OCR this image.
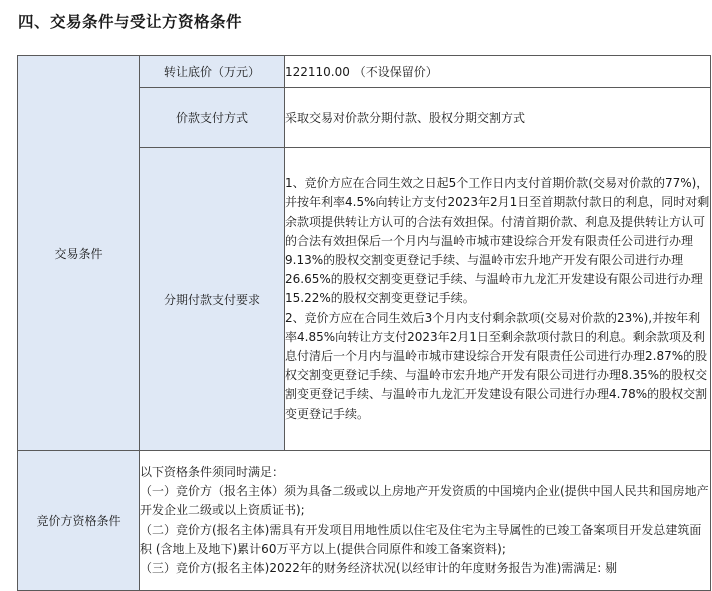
四、交易条件与受让方资格条件
交易条件	转让底价（万元）	122110.00 （不设保留价）
	价款支付方式	采取交易对价款分期付款、股权分期交割方式
	分期付款支付要求	1、竞价方应在合同生效之日起5个工作日内支付首期价款(交易对价款的77%)，并按年利率4.5%向转让方支付2023年2月1日至首期款付款日的利息，同时对剩余款项提供转让方认可的合法有效担保。付清首期价款、利息及提供转让方认可的合法有效担保后一个月内与温岭市城市建设综合开发有限责任公司进行办理9.13%的股权交割变更登记手续、与温岭市宏升地产开发有限公司进行办理26.65%的股权交割变更登记手续、与温岭市九龙汇开发建设有限公司进行办理15.22%的股权交割变更登记手续。
2、竞价方应在合同生效后3个月内支付剩余款项(交易对价款的23%),并按年利率4.85%向转让方支付2023年2月1日至剩余款项付款日的利息。剩余款项及利息付清后一个月内与温岭市城市建设综合开发有限责任公司进行办理2.87%的股权交割变更登记手续、与温岭市宏升地产开发有限公司进行办理8.35%的股权交割变更登记手续、与温岭市九龙汇开发建设有限公司进行办理4.78%的股权交割变更登记手续。

竞价方资格条件	以下资格条件须同时满足：
（一）竞价方（报名主体）须为具备二级或以上房地产开发资质的中国境内企业(提供中国人民共和国房地产开发企业二级或以上资质证书);
（二）竞价方(报名主体)需具有开发项目用地性质以住宅及住宅为主导属性的已竣工备案项目开发总建筑面积 (含地上及地下)累计60万平方以上(提供合同原件和竣工备案资料);
（三）竞价方(报名主体)2022年的财务经济状况(以经审计的年度财务报告为准)需满足: 剔	
